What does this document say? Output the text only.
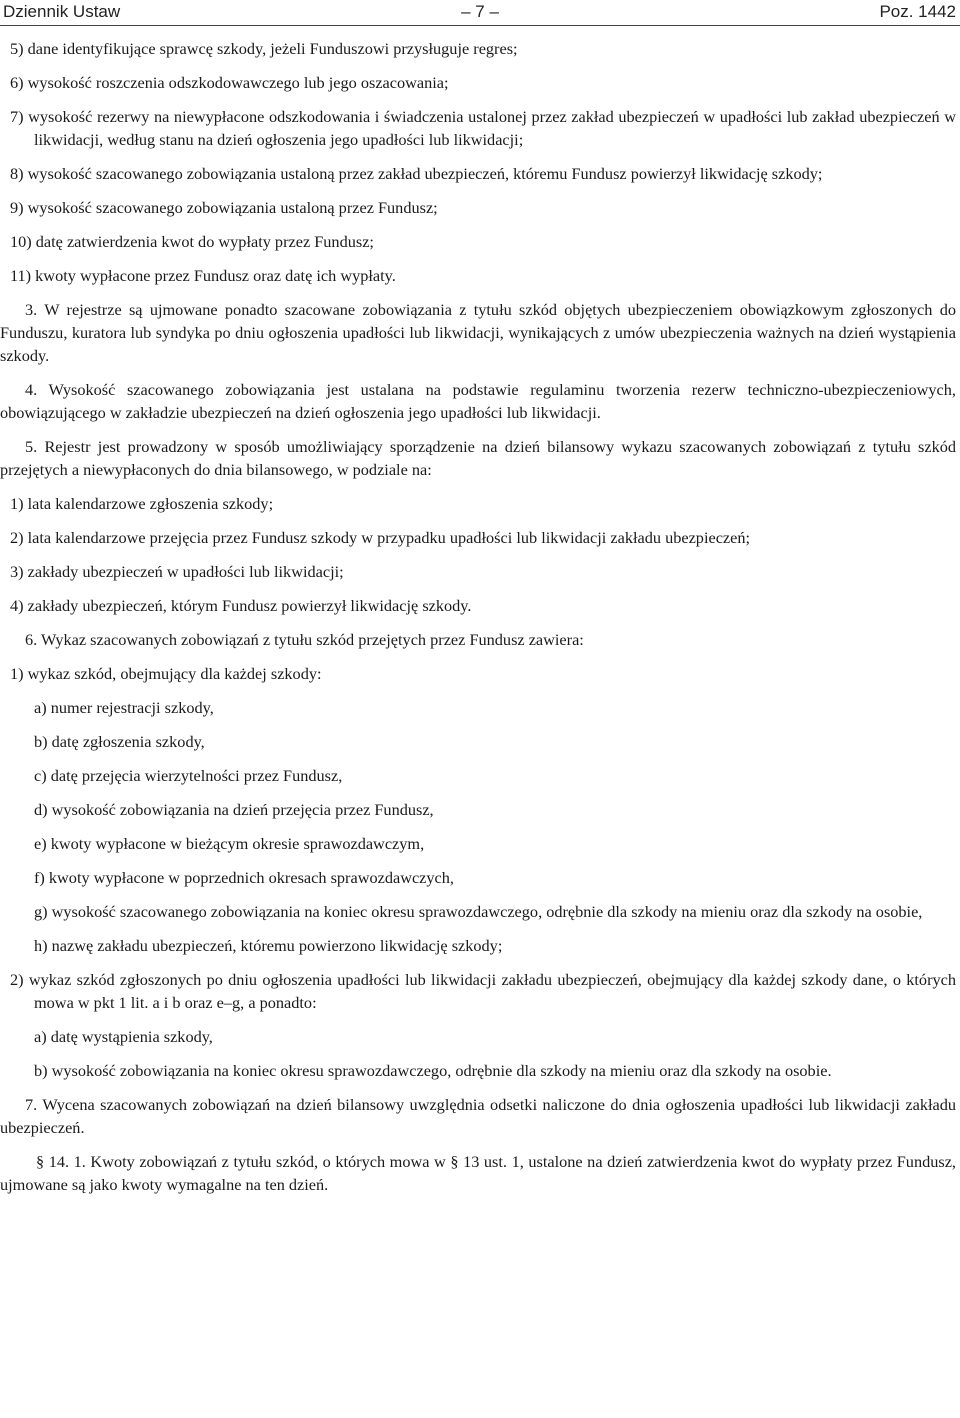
Dziennik Ustaw	– 7 –	Poz. 1442

5) dane identyfikujące sprawcę szkody, jeżeli Funduszowi przysługuje regres;

6) wysokość roszczenia odszkodowawczego lub jego oszacowania;

7) wysokość rezerwy na niewypłacone odszkodowania i świadczenia ustalonej przez zakład ubezpieczeń w upadłości lub zakład ubezpieczeń w likwidacji, według stanu na dzień ogłoszenia jego upadłości lub likwidacji;

8) wysokość szacowanego zobowiązania ustaloną przez zakład ubezpieczeń, któremu Fundusz powierzył likwidację szkody;

9) wysokość szacowanego zobowiązania ustaloną przez Fundusz;

10) datę zatwierdzenia kwot do wypłaty przez Fundusz;

11) kwoty wypłacone przez Fundusz oraz datę ich wypłaty.

3. W rejestrze są ujmowane ponadto szacowane zobowiązania z tytułu szkód objętych ubezpieczeniem obowiązkowym zgłoszonych do Funduszu, kuratora lub syndyka po dniu ogłoszenia upadłości lub likwidacji, wynikających z umów ubezpieczenia ważnych na dzień wystąpienia szkody.

4. Wysokość szacowanego zobowiązania jest ustalana na podstawie regulaminu tworzenia rezerw techniczno-ubezpieczeniowych, obowiązującego w zakładzie ubezpieczeń na dzień ogłoszenia jego upadłości lub likwidacji.

5. Rejestr jest prowadzony w sposób umożliwiający sporządzenie na dzień bilansowy wykazu szacowanych zobowiązań z tytułu szkód przejętych a niewypłaconych do dnia bilansowego, w podziale na:

1) lata kalendarzowe zgłoszenia szkody;

2) lata kalendarzowe przejęcia przez Fundusz szkody w przypadku upadłości lub likwidacji zakładu ubezpieczeń;

3) zakłady ubezpieczeń w upadłości lub likwidacji;

4) zakłady ubezpieczeń, którym Fundusz powierzył likwidację szkody.

6. Wykaz szacowanych zobowiązań z tytułu szkód przejętych przez Fundusz zawiera:

1) wykaz szkód, obejmujący dla każdej szkody:

a) numer rejestracji szkody,

b) datę zgłoszenia szkody,

c) datę przejęcia wierzytelności przez Fundusz,

d) wysokość zobowiązania na dzień przejęcia przez Fundusz,

e) kwoty wypłacone w bieżącym okresie sprawozdawczym,

f) kwoty wypłacone w poprzednich okresach sprawozdawczych,

g) wysokość szacowanego zobowiązania na koniec okresu sprawozdawczego, odrębnie dla szkody na mieniu oraz dla szkody na osobie,

h) nazwę zakładu ubezpieczeń, któremu powierzono likwidację szkody;

2) wykaz szkód zgłoszonych po dniu ogłoszenia upadłości lub likwidacji zakładu ubezpieczeń, obejmujący dla każdej szkody dane, o których mowa w pkt 1 lit. a i b oraz e–g, a ponadto:

a) datę wystąpienia szkody,

b) wysokość zobowiązania na koniec okresu sprawozdawczego, odrębnie dla szkody na mieniu oraz dla szkody na osobie.

7. Wycena szacowanych zobowiązań na dzień bilansowy uwzględnia odsetki naliczone do dnia ogłoszenia upadłości lub likwidacji zakładu ubezpieczeń.

§ 14. 1. Kwoty zobowiązań z tytułu szkód, o których mowa w § 13 ust. 1, ustalone na dzień zatwierdzenia kwot do wypłaty przez Fundusz, ujmowane są jako kwoty wymagalne na ten dzień.
